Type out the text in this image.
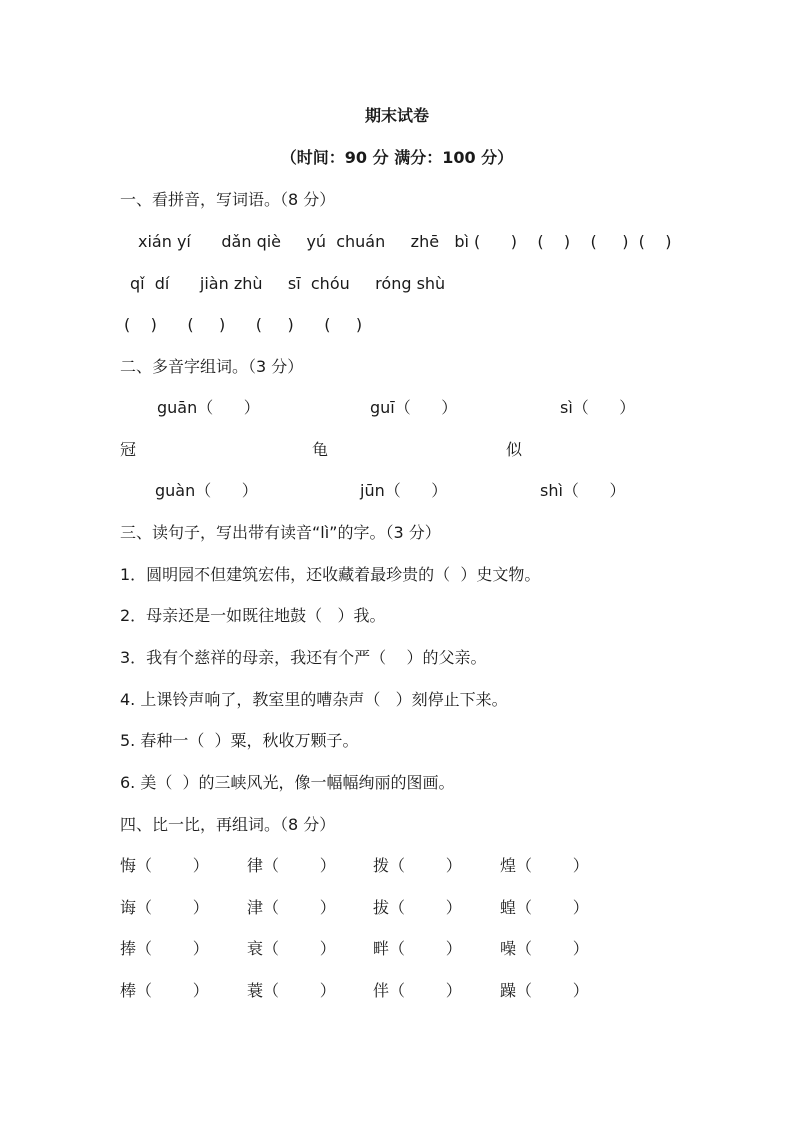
期末试卷
（时间：90 分 满分：100 分）
一、看拼音，写词语。（8 分）
xián yí      dǎn qiè     yú  chuán     zhē   bì (      )    (    )    (     )  (    )
qǐ  dí      jiàn zhù     sī  chóu     róng shù
(    )      (     )      (     )      (     )
二、多音字组词。（3 分）
guān（      ）	guī（      ）	sì（      ）
冠	龟	似
guàn（      ）	jūn（      ）	shì（      ）
三、读句子，写出带有读音“lì”的字。（3 分）
1．圆明园不但建筑宏伟，还收藏着最珍贵的（  ）史文物。
2．母亲还是一如既往地鼓（   ）我。
3．我有个慈祥的母亲，我还有个严（    ）的父亲。
4. 上课铃声响了，教室里的嘈杂声（   ）刻停止下来。
5. 春种一（  ）粟，秋收万颗子。
6. 美（  ）的三峡风光，像一幅幅绚丽的图画。
四、比一比，再组词。（8 分）
悔（        ） 律（        ） 拨（        ） 煌（        ）
诲（        ） 津（        ） 拔（        ） 蝗（        ）
捧（        ） 衰（        ） 畔（        ） 噪（        ）
棒（        ） 蓑（        ） 伴（        ） 躁（        ）
